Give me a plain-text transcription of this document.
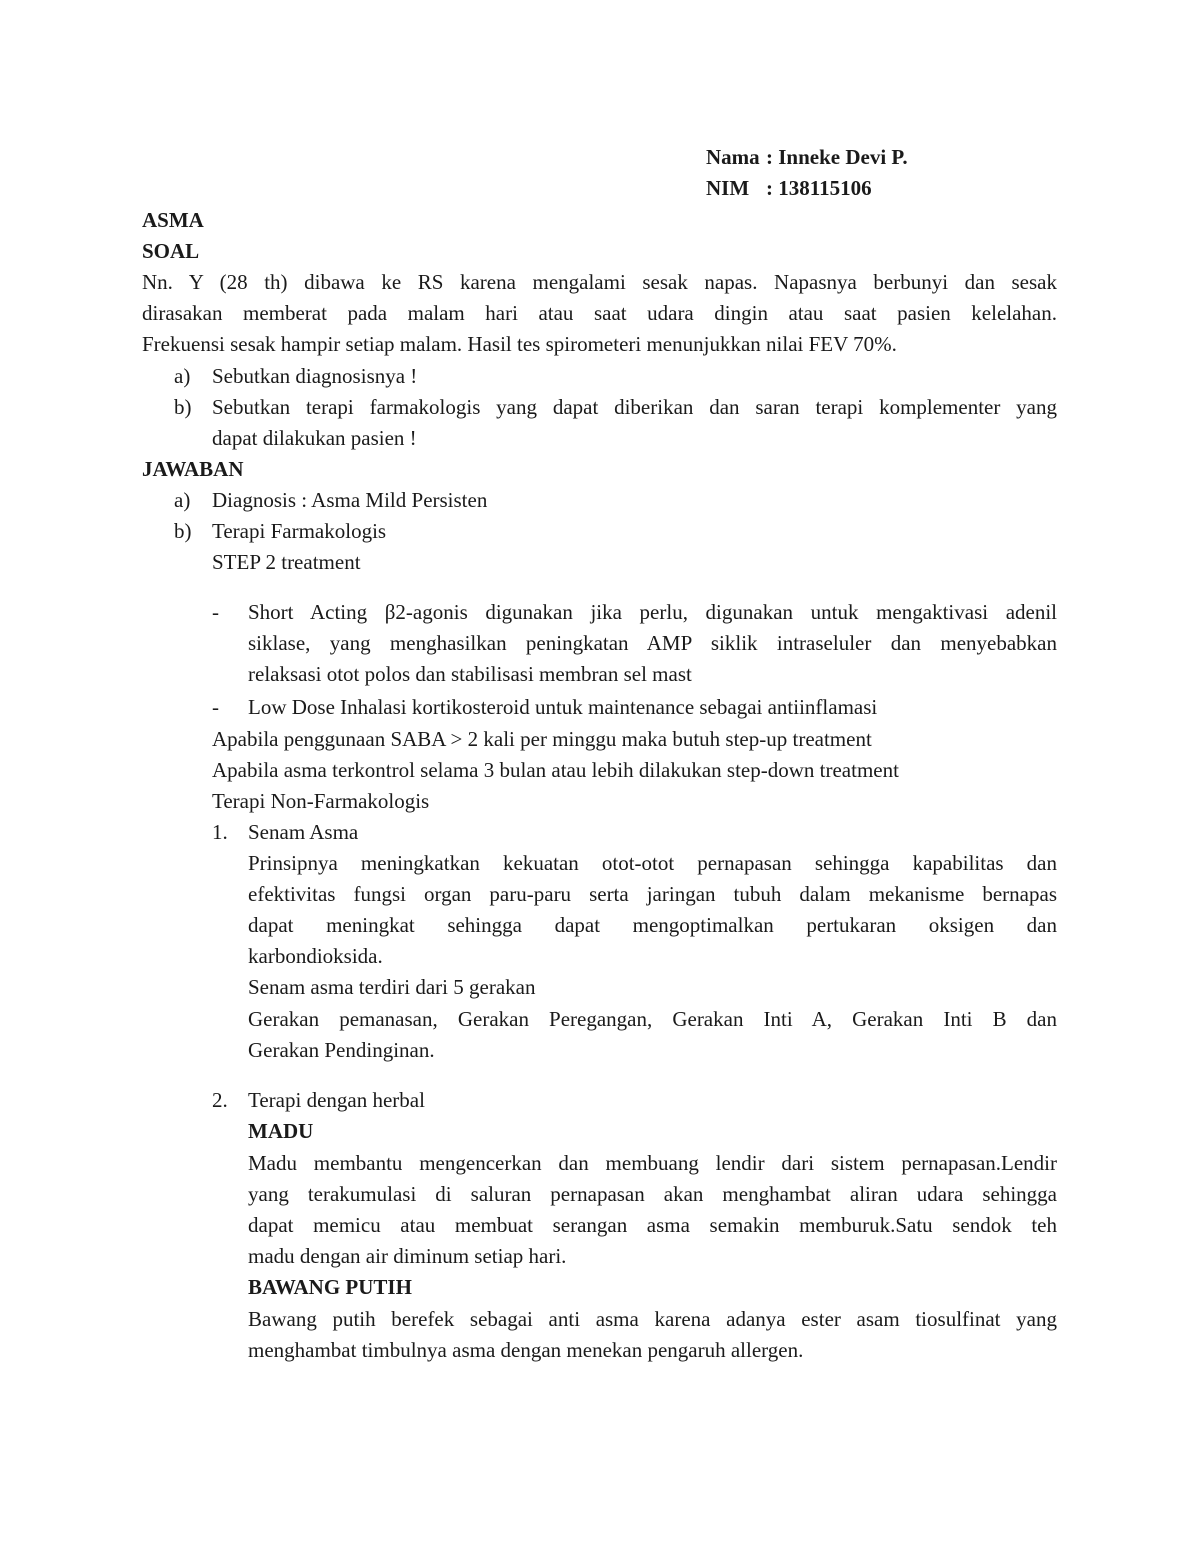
Nama : Inneke Devi P.
NIM : 138115106
ASMA
SOAL
Nn. Y (28 th) dibawa ke RS karena mengalami sesak napas. Napasnya berbunyi dan sesak
dirasakan memberat pada malam hari atau saat udara dingin atau saat pasien kelelahan.
Frekuensi sesak hampir setiap malam. Hasil tes spirometeri menunjukkan nilai FEV 70%.
a) Sebutkan diagnosisnya !
b) Sebutkan terapi farmakologis yang dapat diberikan dan saran terapi komplementer yang
dapat dilakukan pasien !
JAWABAN
a) Diagnosis : Asma Mild Persisten
b) Terapi Farmakologis
STEP 2 treatment
- Short Acting β2-agonis digunakan jika perlu, digunakan untuk mengaktivasi adenil
siklase, yang menghasilkan peningkatan AMP siklik intraseluler dan menyebabkan
relaksasi otot polos dan stabilisasi membran sel mast
- Low Dose Inhalasi kortikosteroid untuk maintenance sebagai antiinflamasi
Apabila penggunaan SABA > 2 kali per minggu maka butuh step-up treatment
Apabila asma terkontrol selama 3 bulan atau lebih dilakukan step-down treatment
Terapi Non-Farmakologis
1. Senam Asma
Prinsipnya meningkatkan kekuatan otot-otot pernapasan sehingga kapabilitas dan
efektivitas fungsi organ paru-paru serta jaringan tubuh dalam mekanisme bernapas
dapat meningkat sehingga dapat mengoptimalkan pertukaran oksigen dan
karbondioksida.
Senam asma terdiri dari 5 gerakan
Gerakan pemanasan, Gerakan Peregangan, Gerakan Inti A, Gerakan Inti B dan
Gerakan Pendinginan.
2. Terapi dengan herbal
MADU
Madu membantu mengencerkan dan membuang lendir dari sistem pernapasan.Lendir
yang terakumulasi di saluran pernapasan akan menghambat aliran udara sehingga
dapat memicu atau membuat serangan asma semakin memburuk.Satu sendok teh
madu dengan air diminum setiap hari.
BAWANG PUTIH
Bawang putih berefek sebagai anti asma karena adanya ester asam tiosulfinat yang
menghambat timbulnya asma dengan menekan pengaruh allergen.
